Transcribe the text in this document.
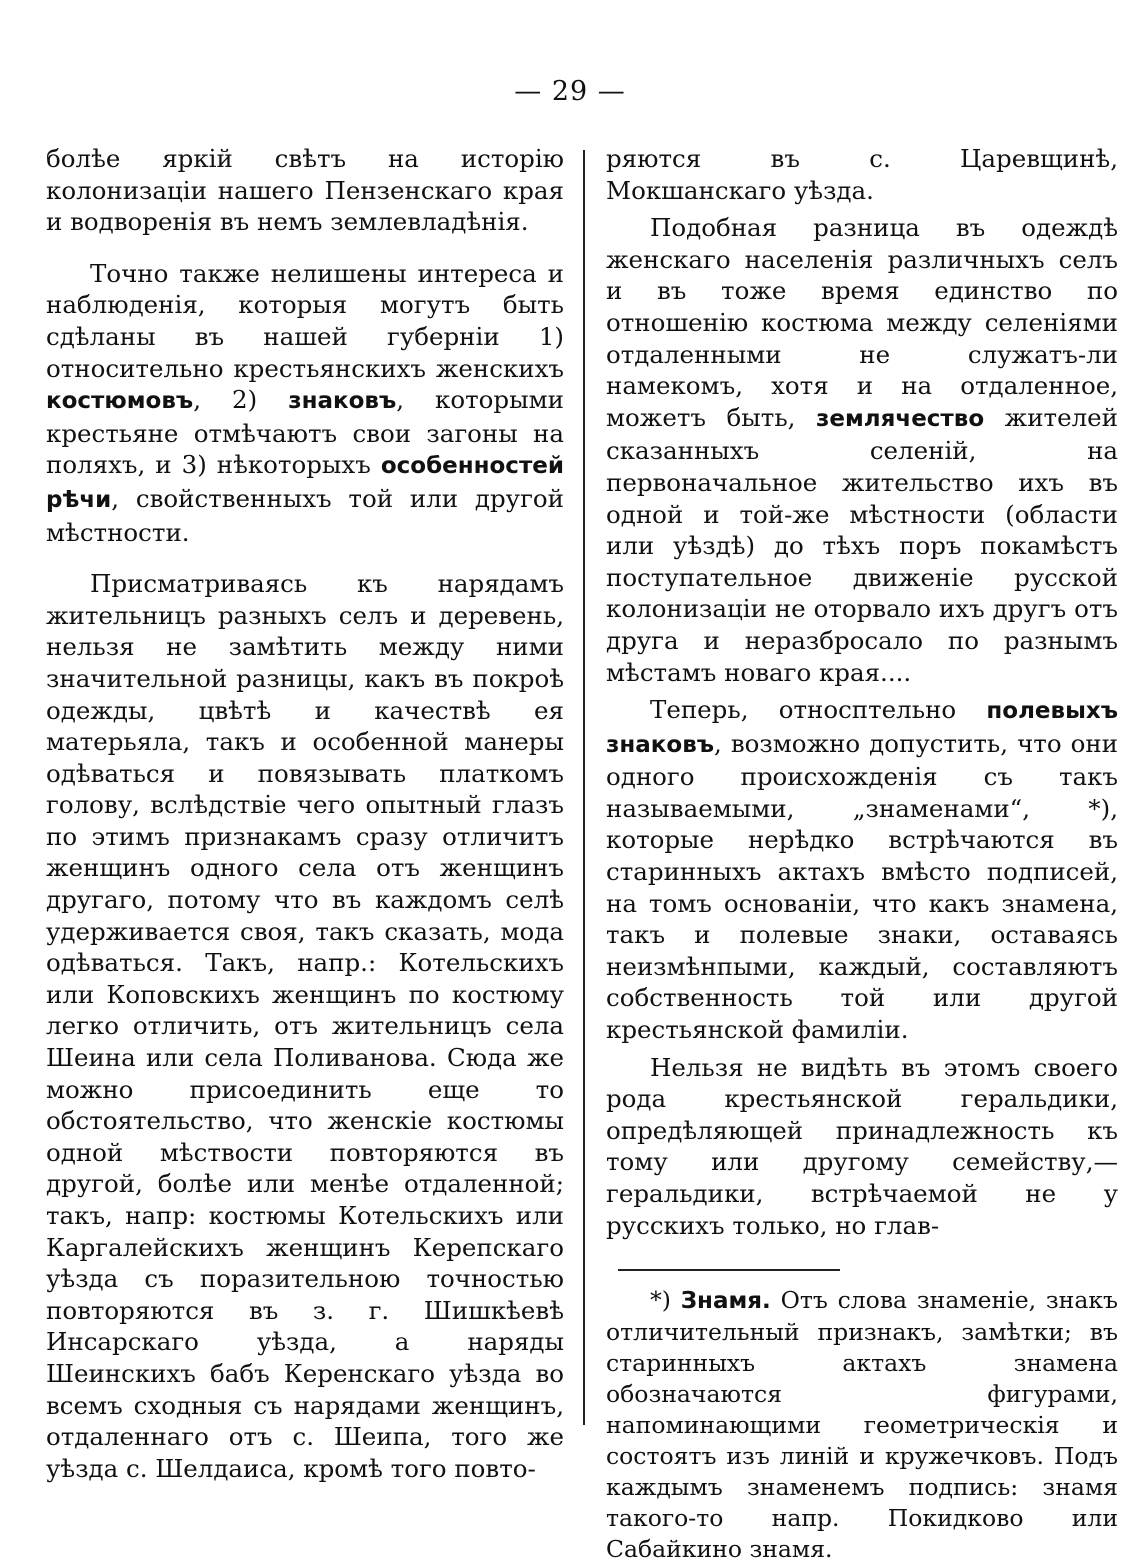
— 29 —

болѣе яркій свѣтъ на исторію колонизаціи нашего Пензенскаго края и водворенія въ немъ землевладѣнія.

Точно также нелишены интереса и наблюденія, которыя могутъ быть сдѣланы въ нашей губерніи 1) относительно крестьянскихъ женскихъ костюмовъ, 2) знаковъ, которыми крестьяне отмѣчаютъ свои загоны на поляхъ, и 3) нѣкоторыхъ особенностей рѣчи, свойственныхъ той или другой мѣстности.

Присматриваясь къ нарядамъ жительницъ разныхъ селъ и деревень, нельзя не замѣтить между ними значительной разницы, какъ въ покроѣ одежды, цвѣтѣ и качествѣ ея матерьяла, такъ и особенной манеры одѣваться и повязывать платкомъ голову, вслѣдствіе чего опытный глазъ по этимъ признакамъ сразу отличитъ женщинъ одного села отъ женщинъ другаго, потому что въ каждомъ селѣ удерживается своя, такъ сказать, мода одѣваться. Такъ, напр.: Котельскихъ или Коповскихъ женщинъ по костюму легко отличить, отъ жительницъ села Шеина или села Поливанова. Сюда же можно присоединить еще то обстоятельство, что женскіе костюмы одной мѣствости повторяются въ другой, болѣе или менѣе отдаленной; такъ, напр: костюмы Котельскихъ или Каргалейскихъ женщинъ Керепскаго уѣзда съ поразительною точностью повторяются въ з. г. Шишкѣевѣ Инсарскаго уѣзда, а наряды Шеинскихъ бабъ Керенскаго уѣзда во всемъ сходныя съ нарядами женщинъ, отдаленнаго отъ с. Шеипа, того же уѣзда с. Шелдаиса, кромѣ того повто-

ряются въ с. Царевщинѣ, Мокшанскаго уѣзда.

Подобная разница въ одеждѣ женскаго населенія различныхъ селъ и въ тоже время единство по отношенію костюма между селеніями отдаленными не служатъ-ли намекомъ, хотя и на отдаленное, можетъ быть, землячество жителей сказанныхъ селеній, на первоначальное жительство ихъ въ одной и той-же мѣстности (области или уѣздѣ) до тѣхъ поръ покамѣстъ поступательное движеніе русской колонизаціи не оторвало ихъ другъ отъ друга и неразбросало по разнымъ мѣстамъ новаго края....

Теперь, относптельно полевыхъ знаковъ, возможно допустить, что они одного происхожденія съ такъ называемыми, „знаменами“, *), которые нерѣдко встрѣчаются въ старинныхъ актахъ вмѣсто подписей, на томъ основаніи, что какъ знамена, такъ и полевые знаки, оставаясь неизмѣнпыми, каждый, составляютъ собственность той или другой крестьянской фамиліи.

Нельзя не видѣть въ этомъ своего рода крестьянской геральдики, опредѣляющей принадлежность къ тому или другому семейству,—геральдики, встрѣчаемой не у русскихъ только, но глав-

*) Знамя. Отъ слова знаменіе, знакъ отличительный признакъ, замѣтки; въ старинныхъ актахъ знамена обозначаются фигурами, напоминающими геометрическія и состоятъ изъ линій и кружечковъ. Подъ каждымъ знаменемъ подпись: знамя такого-то напр. Покидково или Сабайкино знамя.
